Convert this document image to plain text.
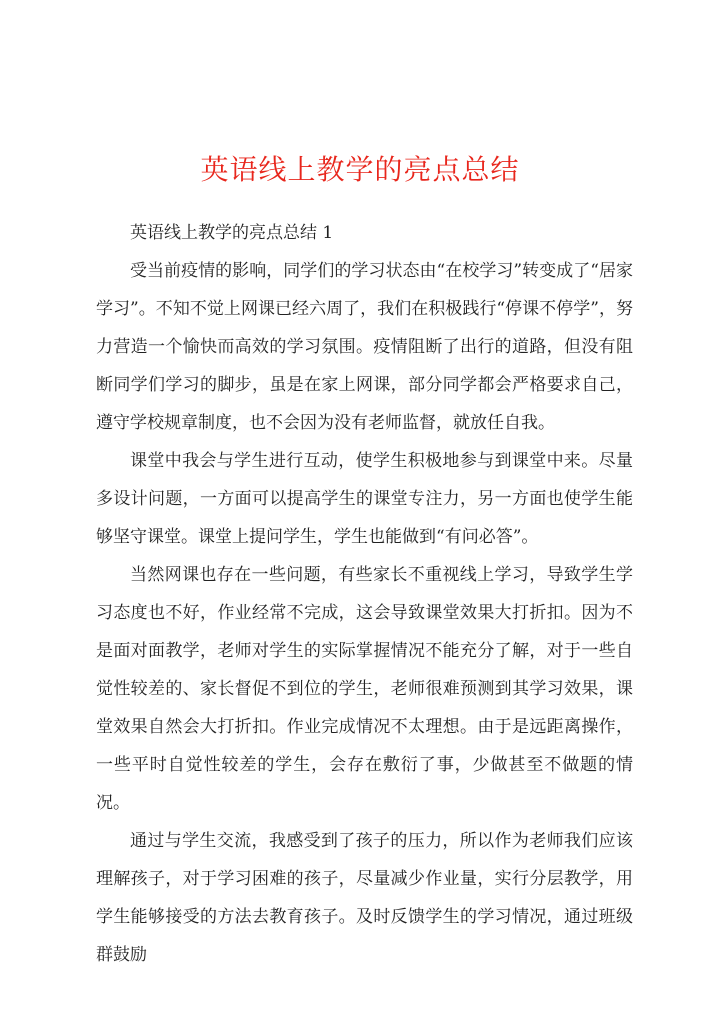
英语线上教学的亮点总结

英语线上教学的亮点总结 1

受当前疫情的影响，同学们的学习状态由“在校学习”转变成了“居家学习”。不知不觉上网课已经六周了，我们在积极践行“停课不停学”，努力营造一个愉快而高效的学习氛围。疫情阻断了出行的道路，但没有阻断同学们学习的脚步，虽是在家上网课，部分同学都会严格要求自己，遵守学校规章制度，也不会因为没有老师监督，就放任自我。

课堂中我会与学生进行互动，使学生积极地参与到课堂中来。尽量多设计问题，一方面可以提高学生的课堂专注力，另一方面也使学生能够坚守课堂。课堂上提问学生，学生也能做到“有问必答”。

当然网课也存在一些问题，有些家长不重视线上学习，导致学生学习态度也不好，作业经常不完成，这会导致课堂效果大打折扣。因为不是面对面教学，老师对学生的实际掌握情况不能充分了解，对于一些自觉性较差的、家长督促不到位的学生，老师很难预测到其学习效果，课堂效果自然会大打折扣。作业完成情况不太理想。由于是远距离操作，一些平时自觉性较差的学生，会存在敷衍了事，少做甚至不做题的情况。

通过与学生交流，我感受到了孩子的压力，所以作为老师我们应该理解孩子，对于学习困难的孩子，尽量减少作业量，实行分层教学，用学生能够接受的方法去教育孩子。及时反馈学生的学习情况，通过班级群鼓励
